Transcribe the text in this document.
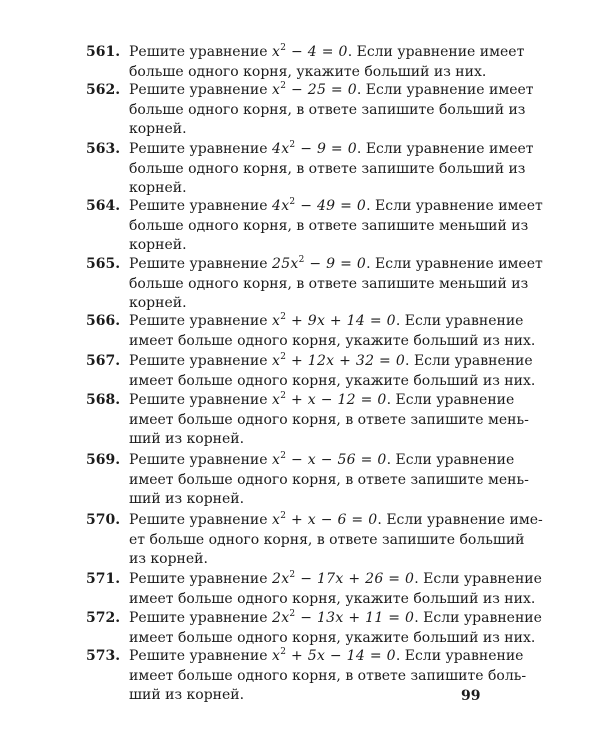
561. Решите уравнение $x^2 - 4 = 0$. Если уравнение имеет
больше одного корня, укажите больший из них.
562. Решите уравнение $x^2 - 25 = 0$. Если уравнение имеет
больше одного корня, в ответе запишите больший из
корней.
563. Решите уравнение $4x^2 - 9 = 0$. Если уравнение имеет
больше одного корня, в ответе запишите больший из
корней.
564. Решите уравнение $4x^2 - 49 = 0$. Если уравнение имеет
больше одного корня, в ответе запишите меньший из
корней.
565. Решите уравнение $25x^2 - 9 = 0$. Если уравнение имеет
больше одного корня, в ответе запишите меньший из
корней.
566. Решите уравнение $x^2 + 9x + 14 = 0$. Если уравнение
имеет больше одного корня, укажите больший из них.
567. Решите уравнение $x^2 + 12x + 32 = 0$. Если уравнение
имеет больше одного корня, укажите больший из них.
568. Решите уравнение $x^2 + x - 12 = 0$. Если уравнение
имеет больше одного корня, в ответе запишите мень-
ший из корней.
569. Решите уравнение $x^2 - x - 56 = 0$. Если уравнение
имеет больше одного корня, в ответе запишите мень-
ший из корней.
570. Решите уравнение $x^2 + x - 6 = 0$. Если уравнение име-
ет больше одного корня, в ответе запишите больший
из корней.
571. Решите уравнение $2x^2 - 17x + 26 = 0$. Если уравнение
имеет больше одного корня, укажите больший из них.
572. Решите уравнение $2x^2 - 13x + 11 = 0$. Если уравнение
имеет больше одного корня, укажите больший из них.
573. Решите уравнение $x^2 + 5x - 14 = 0$. Если уравнение
имеет больше одного корня, в ответе запишите боль-
ший из корней.	99
